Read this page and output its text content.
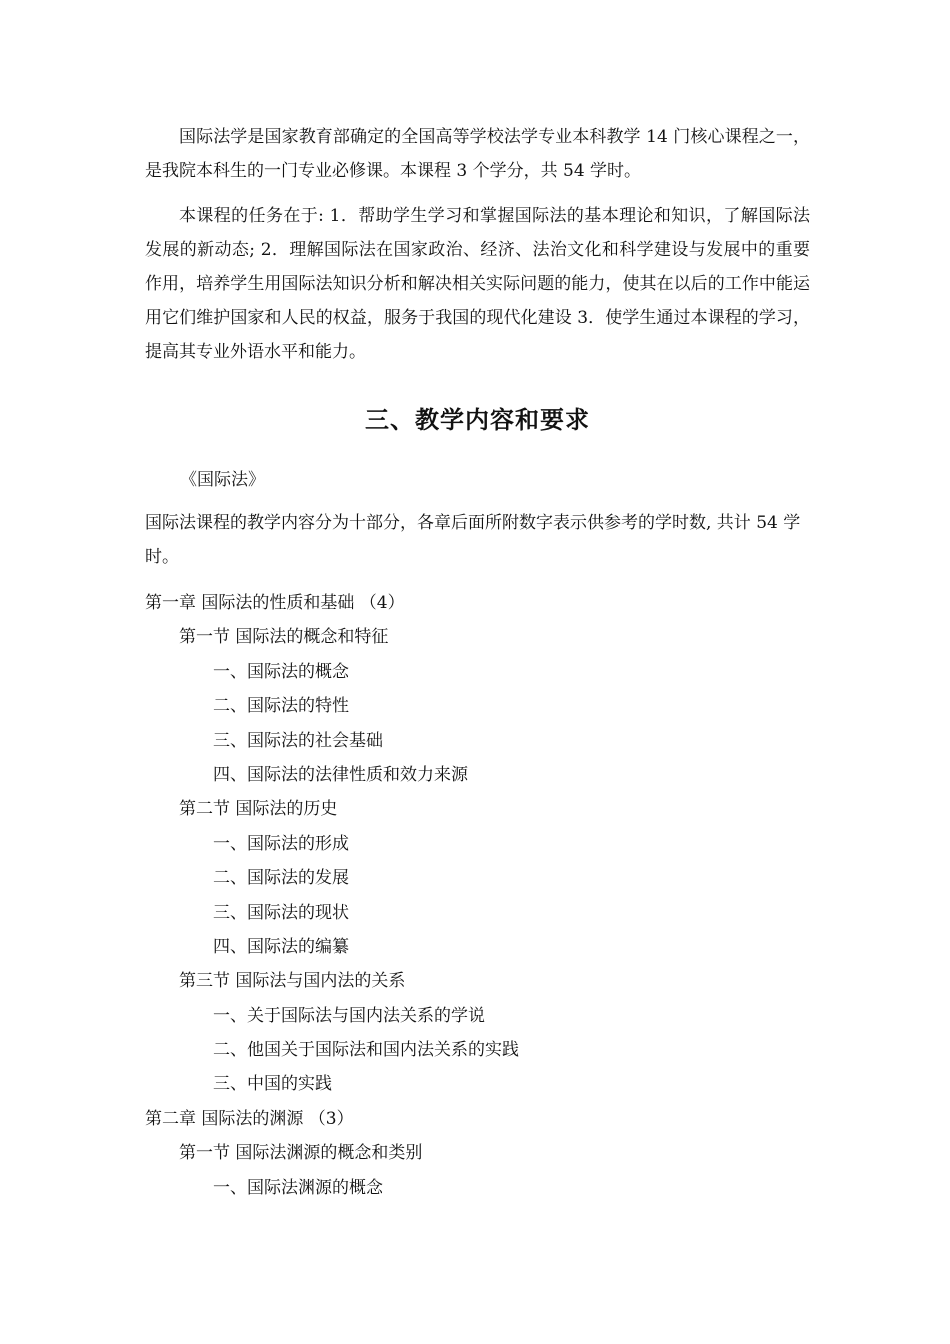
国际法学是国家教育部确定的全国高等学校法学专业本科教学 14 门核心课程之一，是我院本科生的一门专业必修课。本课程 3 个学分，共 54 学时。

本课程的任务在于: 1．帮助学生学习和掌握国际法的基本理论和知识，了解国际法发展的新动态; 2．理解国际法在国家政治、经济、法治文化和科学建设与发展中的重要作用，培养学生用国际法知识分析和解决相关实际问题的能力，使其在以后的工作中能运用它们维护国家和人民的权益，服务于我国的现代化建设 3．使学生通过本课程的学习，提高其专业外语水平和能力。

三、教学内容和要求

《国际法》

国际法课程的教学内容分为十部分，各章后面所附数字表示供参考的学时数, 共计 54 学时。

第一章 国际法的性质和基础 （4）
第一节 国际法的概念和特征
一、国际法的概念
二、国际法的特性
三、国际法的社会基础
四、国际法的法律性质和效力来源
第二节 国际法的历史
一、国际法的形成
二、国际法的发展
三、国际法的现状
四、国际法的编纂
第三节 国际法与国内法的关系
一、关于国际法与国内法关系的学说
二、他国关于国际法和国内法关系的实践
三、中国的实践
第二章 国际法的渊源 （3）
第一节 国际法渊源的概念和类别
一、国际法渊源的概念
